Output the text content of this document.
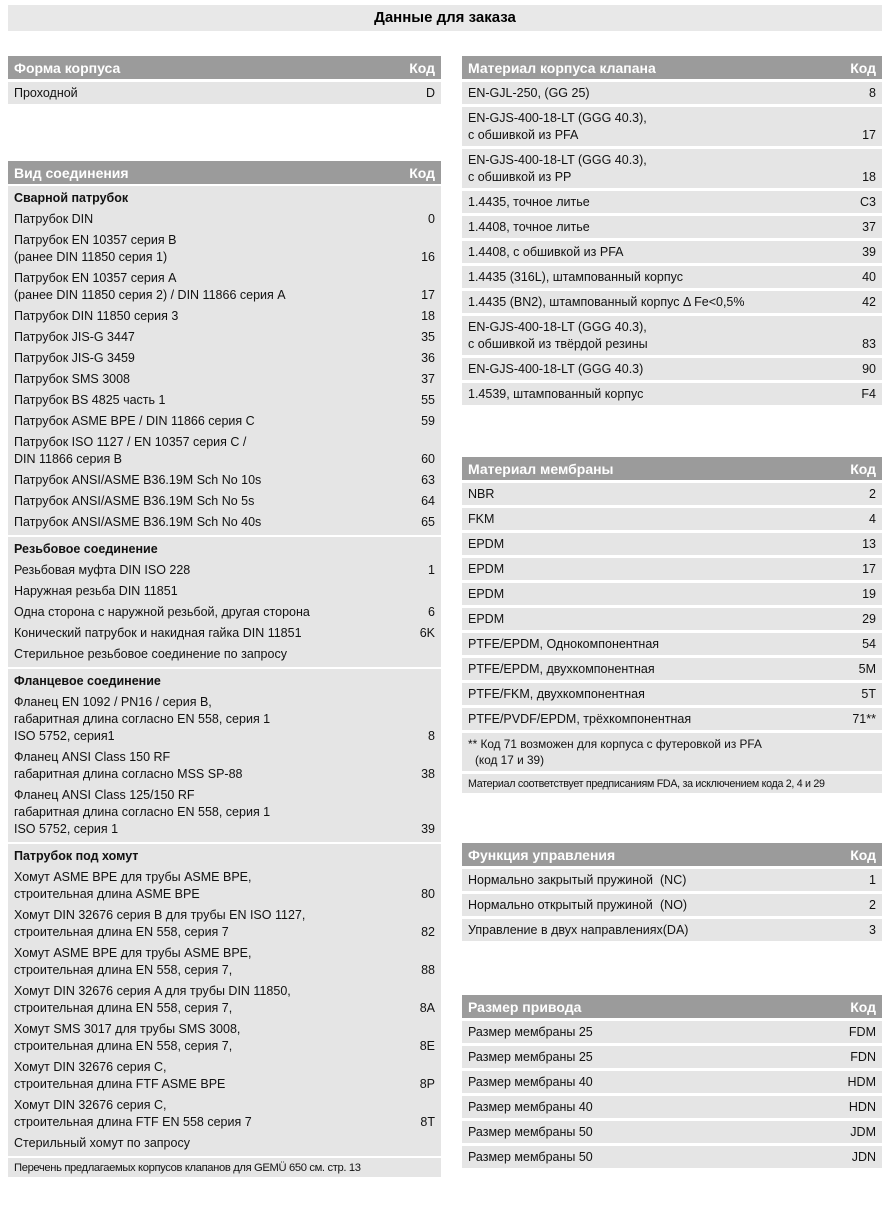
Данные для заказа
Форма корпуса	Код
Проходной	D
Вид соединения	Код
Сварной патрубок
Патрубок DIN	0
Патрубок EN 10357 серия B
(ранее DIN 11850 серия 1)	16
Патрубок EN 10357 серия A
(ранее DIN 11850 серия 2) / DIN 11866 серия A	17
Патрубок DIN 11850 серия 3	18
Патрубок JIS-G 3447	35
Патрубок JIS-G 3459	36
Патрубок SMS 3008	37
Патрубок BS 4825 часть 1	55
Патрубок ASME BPE / DIN 11866 серия C	59
Патрубок ISO 1127 / EN 10357 серия C /
DIN 11866 серия B	60
Патрубок ANSI/ASME B36.19M Sch No 10s	63
Патрубок ANSI/ASME B36.19M Sch No 5s	64
Патрубок ANSI/ASME B36.19M Sch No 40s	65
Резьбовое соединение
Резьбовая муфта DIN ISO 228	1
Наружная резьба DIN 11851
Одна сторона с наружной резьбой, другая сторона	6
Конический патрубок и накидная гайка DIN 11851	6K
Стерильное резьбовое соединение по запросу
Фланцевое соединение
Фланец EN 1092 / PN16 / серия B,
габаритная длина согласно EN 558, серия 1
ISO 5752, серия1	8
Фланец ANSI Class 150 RF
габаритная длина согласно MSS SP-88	38
Фланец ANSI Class 125/150 RF
габаритная длина согласно EN 558, серия 1
ISO 5752, серия 1	39
Патрубок под хомут
Хомут ASME BPE для трубы ASME BPE,
строительная длина ASME BPE	80
Хомут DIN 32676 серия B для трубы EN ISO 1127,
строительная длина EN 558, серия 7	82
Хомут ASME BPE для трубы ASME BPE,
строительная длина EN 558, серия 7,	88
Хомут DIN 32676 серия A для трубы DIN 11850,
строительная длина EN 558, серия 7,	8A
Хомут SMS 3017 для трубы SMS 3008,
строительная длина EN 558, серия 7,	8E
Хомут DIN 32676 серия C,
строительная длина FTF ASME BPE	8P
Хомут DIN 32676 серия C,
строительная длина FTF EN 558 серия 7	8T
Стерильный хомут по запросу
Перечень предлагаемых корпусов клапанов для GEMÜ 650 см. стр. 13
Материал корпуса клапана	Код
EN-GJL-250, (GG 25)	8
EN-GJS-400-18-LT (GGG 40.3),
с обшивкой из PFA	17
EN-GJS-400-18-LT (GGG 40.3),
с обшивкой из PP	18
1.4435, точное литье	C3
1.4408, точное литье	37
1.4408, с обшивкой из PFA	39
1.4435 (316L), штампованный корпус	40
1.4435 (BN2), штампованный корпус Δ Fe<0,5%	42
EN-GJS-400-18-LT (GGG 40.3),
с обшивкой из твёрдой резины	83
EN-GJS-400-18-LT (GGG 40.3)	90
1.4539, штампованный корпус	F4
Материал мембраны	Код
NBR	2
FKM	4
EPDM	13
EPDM	17
EPDM	19
EPDM	29
PTFE/EPDM, Однокомпонентная	54
PTFE/EPDM, двухкомпонентная	5M
PTFE/FKM, двухкомпонентная	5T
PTFE/PVDF/EPDM, трёхкомпонентная	71**
** Код 71 возможен для корпуса с футеровкой из PFA
(код 17 и 39)
Материал соответствует предписаниям FDA, за исключением кода 2, 4 и 29
Функция управления	Код
Нормально закрытый пружиной (NC)	1
Нормально открытый пружиной (NO)	2
Управление в двух направлениях (DA)	3
Размер привода	Код
Размер мембраны 25	FDM
Размер мембраны 25	FDN
Размер мембраны 40	HDM
Размер мембраны 40	HDN
Размер мембраны 50	JDM
Размер мембраны 50	JDN
